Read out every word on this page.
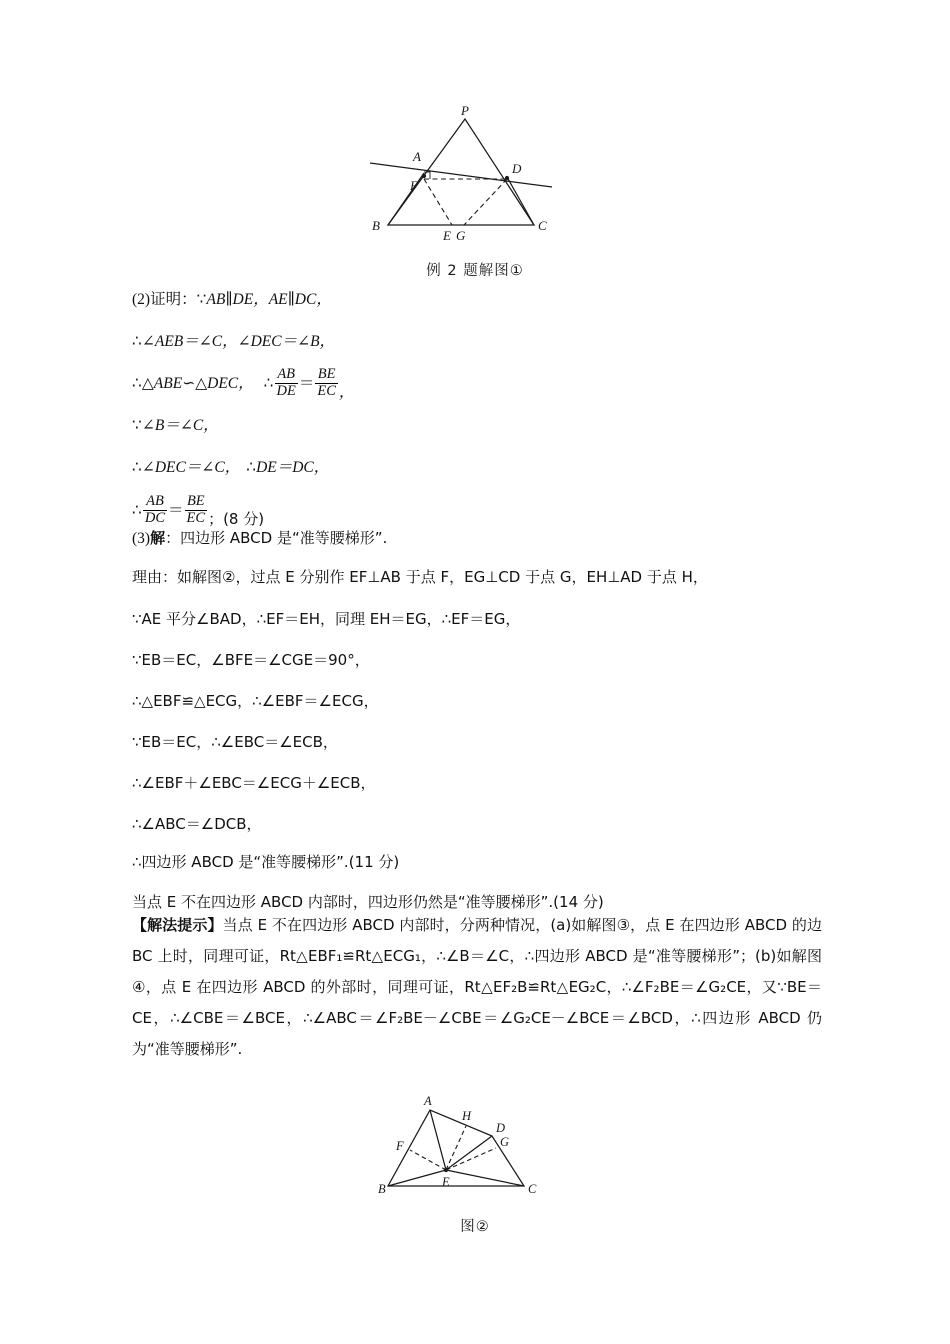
P
A
F
D
B	C
E G
例 2 题解图①
(2)证明：∵AB∥DE，AE∥DC，
∴∠AEB＝∠C，∠DEC＝∠B，
∴ △ABE ∽ △DEC， ∴ $\frac{AB}{DE} = \frac{BE}{EC}$ ，
∵∠B＝∠C，
∴∠DEC＝∠C， ∴DE＝DC，
∴ $\frac{AB}{DC} = \frac{BE}{EC}$ ；(8 分)
(3)解：四边形 ABCD 是“准等腰梯形”.
理由：如解图②，过点 E 分别作 EF⊥AB 于点 F，EG⊥CD 于点 G，EH⊥AD 于点 H，
∵AE 平分∠BAD，∴EF＝EH，同理 EH＝EG，∴EF＝EG，
∵EB＝EC，∠BFE＝∠CGE＝90°，
∴△EBF≌△ECG，∴∠EBF＝∠ECG，
∵EB＝EC，∴∠EBC＝∠ECB，
∴∠EBF＋∠EBC＝∠ECG＋∠ECB，
∴∠ABC＝∠DCB，
∴四边形 ABCD 是“准等腰梯形”.(11 分)
当点 E 不在四边形 ABCD 内部时，四边形仍然是“准等腰梯形”.(14 分)
【解法提示】当点 E 不在四边形 ABCD 内部时，分两种情况，(a)如解图③，点 E 在四边形 ABCD 的边 BC 上时，同理可证，Rt△EBF₁≌Rt△ECG₁，∴∠B＝∠C，∴四边形 ABCD 是“准等腰梯形”；(b)如解图④，点 E 在四边形 ABCD 的外部时，同理可证，Rt△EF₂B≌Rt△EG₂C，∴∠F₂BE＝∠G₂CE，又∵BE＝CE，∴∠CBE＝∠BCE，∴∠ABC＝∠F₂BE－∠CBE＝∠G₂CE－∠BCE＝∠BCD，∴四边形 ABCD 仍为“准等腰梯形”.
A
B	C
D
E
F	G
H
图②
